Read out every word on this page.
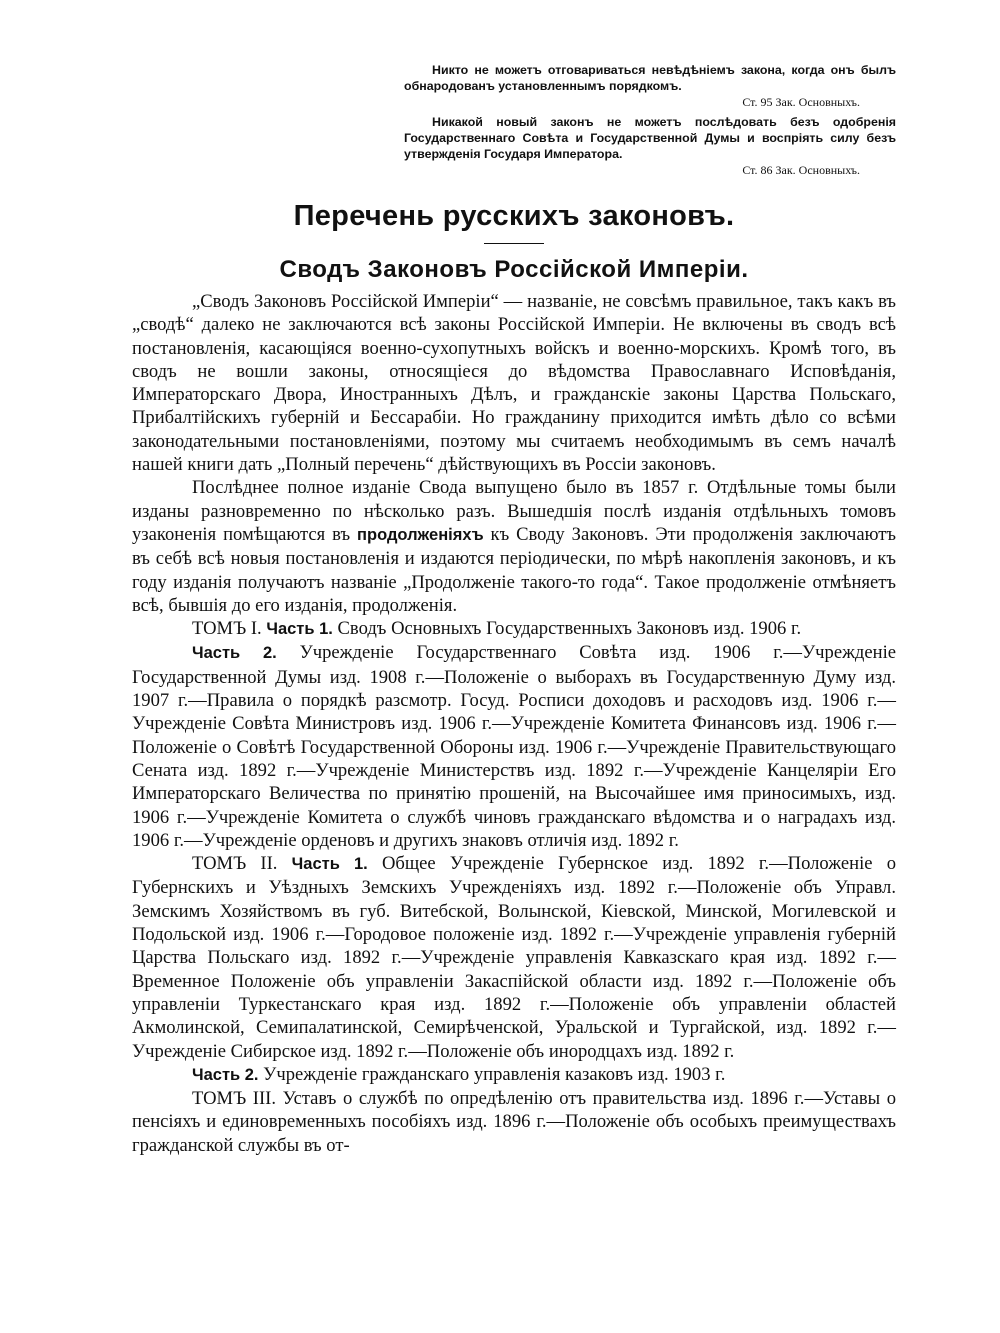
Никто не можетъ отговариваться невѣдѣніемъ закона, когда онъ былъ обнародованъ установленнымъ порядкомъ.
Ст. 95 Зак. Основныхъ.
Никакой новый законъ не можетъ послѣдовать безъ одобренія Государственнаго Совѣта и Государственной Думы и воспріять силу безъ утвержденія Государя Императора.
Ст. 86 Зак. Основныхъ.
Перечень русскихъ законовъ.
Сводъ Законовъ Россійской Имперіи.

„Сводъ Законовъ Россійской Имперіи“ — названіе, не совсѣмъ правильное, такъ какъ въ „сводѣ“ далеко не заключаются всѣ законы Россійской Имперіи. Не включены въ сводъ всѣ постановленія, касающіяся военно-сухопутныхъ войскъ и военно-морскихъ. Кромѣ того, въ сводъ не вошли законы, относящіеся до вѣдомства Православнаго Исповѣданія, Императорскаго Двора, Иностранныхъ Дѣлъ, и гражданскіе законы Царства Польскаго, Прибалтійскихъ губерній и Бессарабіи. Но гражданину приходится имѣть дѣло со всѣми законодательными постановленіями, поэтому мы считаемъ необходимымъ въ семъ началѣ нашей книги дать „Полный перечень“ дѣйствующихъ въ Россіи законовъ.

Послѣднее полное изданіе Свода выпущено было въ 1857 г. Отдѣльные томы были изданы разновременно по нѣсколько разъ. Вышедшія послѣ изданія отдѣльныхъ томовъ узаконенія помѣщаются въ продолженіяхъ къ Своду Законовъ. Эти продолженія заключаютъ въ себѣ всѣ новыя постановленія и издаются періодически, по мѣрѣ накопленія законовъ, и къ году изданія получаютъ названіе „Продолженіе такого-то года“. Такое продолженіе отмѣняетъ всѣ, бывшія до его изданія, продолженія.

ТОМЪ I. Часть 1. Сводъ Основныхъ Государственныхъ Законовъ изд. 1906 г.

Часть 2. Учрежденіе Государственнаго Совѣта изд. 1906 г.—Учрежденіе Государственной Думы изд. 1908 г.—Положеніе о выборахъ въ Государственную Думу изд. 1907 г.—Правила о порядкѣ разсмотр. Госуд. Росписи доходовъ и расходовъ изд. 1906 г.—Учрежденіе Совѣта Министровъ изд. 1906 г.—Учрежденіе Комитета Финансовъ изд. 1906 г.—Положеніе о Совѣтѣ Государственной Обороны изд. 1906 г.—Учрежденіе Правительствующаго Сената изд. 1892 г.—Учрежденіе Министерствъ изд. 1892 г.—Учрежденіе Канцеляріи Его Императорскаго Величества по принятію прошеній, на Высочайшее имя приносимыхъ, изд. 1906 г.—Учрежденіе Комитета о службѣ чиновъ гражданскаго вѣдомства и о наградахъ изд. 1906 г.—Учрежденіе орденовъ и другихъ знаковъ отличія изд. 1892 г.

ТОМЪ II. Часть 1. Общее Учрежденіе Губернское изд. 1892 г.—Положеніе о Губернскихъ и Уѣздныхъ Земскихъ Учрежденіяхъ изд. 1892 г.—Положеніе объ Управл. Земскимъ Хозяйствомъ въ губ. Витебской, Волынской, Кіевской, Минской, Могилевской и Подольской изд. 1906 г.—Городовое положеніе изд. 1892 г.—Учрежденіе управленія губерній Царства Польскаго изд. 1892 г.—Учрежденіе управленія Кавказскаго края изд. 1892 г.—Временное Положеніе объ управленіи Закаспійской области изд. 1892 г.—Положеніе объ управленіи Туркестанскаго края изд. 1892 г.—Положеніе объ управленіи областей Акмолинской, Семипалатинской, Семирѣченской, Уральской и Тургайской, изд. 1892 г.—Учрежденіе Сибирское изд. 1892 г.—Положеніе объ инородцахъ изд. 1892 г.

Часть 2. Учрежденіе гражданскаго управленія казаковъ изд. 1903 г.

ТОМЪ III. Уставъ о службѣ по опредѣленію отъ правительства изд. 1896 г.—Уставы о пенсіяхъ и единовременныхъ пособіяхъ изд. 1896 г.—Положеніе объ особыхъ преимуществахъ гражданской службы въ от-
